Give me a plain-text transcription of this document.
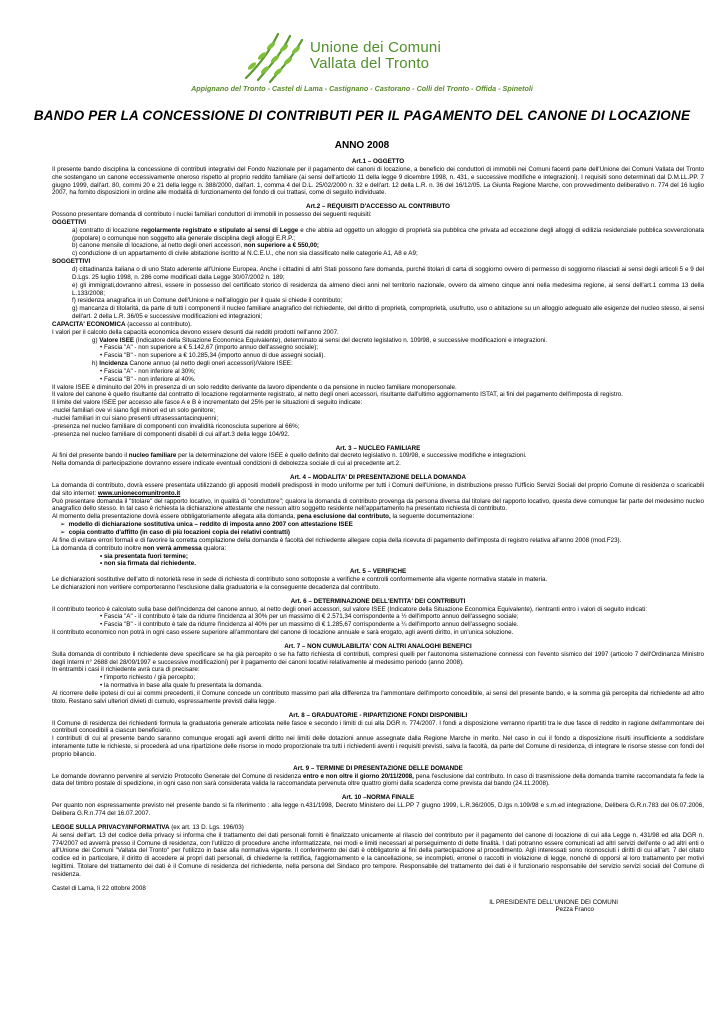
Unione dei Comuni
Vallata del Tronto
Appignano del Tronto - Castel di Lama - Castignano - Castorano - Colli del Tronto - Offida - Spinetoli
BANDO PER LA CONCESSIONE DI CONTRIBUTI PER IL PAGAMENTO DEL CANONE DI LOCAZIONE
ANNO 2008

Art.1 – OGGETTO

Il presente bando disciplina la concessione di contributi integrativi del Fondo Nazionale per il pagamento dei canoni di locazione, a beneficio dei conduttori di immobili nei Comuni facenti parte dell'Unione dei Comuni Vallata del Tronto che sostengano un canone eccessivamente oneroso rispetto al proprio reddito familiare (ai sensi dell'articolo 11 della legge 9 dicembre 1998, n. 431, e successive modifiche e integrazioni). I requisiti sono determinati dal D.M.LL.PP. 7 giugno 1999, dall'art. 80, commi 20 e 21 della legge n. 388/2000, dall'art. 1, comma 4 del D.L. 25/02/2000 n. 32 e dell'art. 12 della L.R. n. 36 del 16/12/05. La Giunta Regione Marche, con provvedimento deliberativo n. 774 del 16 luglio 2007, ha fornito disposizioni in ordine alle modalità di funzionamento del fondo di cui trattasi, come di seguito individuate.

Art.2 – REQUISITI D'ACCESSO AL CONTRIBUTO

Possono presentare domanda di contributo i nuclei familiari conduttori di immobili in possesso dei seguenti requisiti:

OGGETTIVI

a) contratto di locazione regolarmente registrato e stipulato ai sensi di Legge e che abbia ad oggetto un alloggio di proprietà sia pubblica che privata ad eccezione degli alloggi di edilizia residenziale pubblica sovvenzionata (popolare) o comunque non soggetto alla generale disciplina degli alloggi E.R.P.;

b) canone mensile di locazione, al netto degli oneri accessori, non superiore a € 550,00;

c) conduzione di un appartamento di civile abitazione iscritto al N.C.E.U., che non sia classificato nelle categorie A1, A8 e A9;

SOGGETTIVI

d) cittadinanza italiana o di uno Stato aderente all'Unione Europea. Anche i cittadini di altri Stati possono fare domanda, purché titolari di carta di soggiorno ovvero di permesso di soggiorno rilasciati ai sensi degli articoli 5 e 9 del D.Lgs. 25 luglio 1998, n. 286 come modificati dalla Legge 30/07/2002 n. 189;

e) gli immigrati,dovranno altresì, essere in possesso del certificato storico di residenza da almeno dieci anni nel territorio nazionale, ovvero da almeno cinque anni nella medesima regione, ai sensi dell'art.1 comma 13 della L.133/2008;

f) residenza anagrafica in un Comune dell'Unione e nell'alloggio per il quale si chiede il contributo;

g) mancanza di titolarità, da parte di tutti i componenti il nucleo familiare anagrafico del richiedente, del diritto di proprietà, comproprietà, usufrutto, uso o abitazione su un alloggio adeguato alle esigenze del nucleo stesso, ai sensi dell'art. 2 della L.R. 36/05 e successive modificazioni ed integrazioni;

CAPACITA' ECONOMICA (accesso al contributo).

I valori per il calcolo della capacità economica devono essere desunti dai redditi prodotti nell'anno 2007.

g) Valore ISEE (Indicatore della Situazione Economica Equivalente), determinato ai sensi del decreto legislativo n. 109/98, e successive modificazioni e integrazioni.

• Fascia "A" - non superiore a € 5.142,67 (importo annuo dell'assegno sociale);

• Fascia "B" - non superiore a € 10.285,34 (importo annuo di due assegni sociali).

h) Incidenza Canone annuo (al netto degli oneri accessori)/Valore ISEE:

• Fascia "A" - non inferiore al 30%;

• Fascia "B" - non inferiore al 40%.

Il valore ISEE è diminuito del 20% in presenza di un solo reddito derivante da lavoro dipendente o da pensione in nucleo familiare monopersonale.

Il valore del canone è quello risultante dal contratto di locazione regolarmente registrato, al netto degli oneri accessori, risultante dall'ultimo aggiornamento ISTAT, ai fini del pagamento dell'imposta di registro.

Il limite del valore ISEE per accesso alle fasce A e B è incrementato del 25% per le situazioni di seguito indicate:

-nuclei familiari ove vi siano figli minori ed un solo genitore;

-nuclei familiari in cui siano presenti ultrasessantacinquenni;

-presenza nel nucleo familiare di componenti con invalidità riconosciuta superiore al 66%;

-presenza nel nucleo familiare di componenti disabili di cui all'art.3 della legge 104/92.

Art. 3 – NUCLEO FAMILIARE

Ai fini del presente bando il nucleo familiare per la determinazione del valore ISEE è quello definito dal decreto legislativo n. 109/98, e successive modifiche e integrazioni.

Nella domanda di partecipazione dovranno essere indicate eventuali condizioni di debolezza sociale di cui al precedente art.2.

Art. 4 – MODALITA' DI PRESENTAZIONE DELLA DOMANDA

La domanda di contributo, dovrà essere presentata utilizzando gli appositi modelli predisposti in modo uniforme per tutti i Comuni dell'Unione, in distribuzione presso l'Ufficio Servizi Sociali del proprio Comune di residenza o scaricabili dal sito internet: www.unionecomunitronto.it

Può presentare domanda il "titolare" del rapporto locativo, in qualità di "conduttore"; qualora la domanda di contributo provenga da persona diversa dal titolare del rapporto locativo, questa deve comunque far parte del medesimo nucleo anagrafico dello stesso. In tal caso è richiesta la dichiarazione attestante che nessun altro soggetto residente nell'appartamento ha presentato richiesta di contributo.

Al momento della presentazione dovrà essere obbligatoriamente allegata alla domanda, pena esclusione dal contributo, la seguente documentazione:

➢  modello di dichiarazione sostitutiva unica – reddito di imposta anno 2007 con attestazione ISEE

➢  copia contratto d'affitto (in caso di più locazioni copia dei relativi contratti)

Al fine di evitare errori formali e di favorire la corretta compilazione della domanda è facoltà del richiedente allegare copia della ricevuta di pagamento dell'imposta di registro relativa all'anno 2008 (mod.F23).

La domanda di contributo inoltre non verrà ammessa qualora:

• sia presentata fuori termine;

• non sia firmata dal richiedente.

Art. 5 – VERIFICHE

Le dichiarazioni sostitutive dell'atto di notorietà rese in sede di richiesta di contributo sono sottoposte a verifiche e controlli conformemente alla vigente normativa statale in materia.

Le dichiarazioni non veritiere comporteranno l'esclusione dalla graduatoria e la conseguente decadenza dal contributo.

Art. 6 – DETERMINAZIONE DELL'ENTITA' DEI CONTRIBUTI

Il contributo teorico è calcolato sulla base dell'incidenza del canone annuo, al netto degli oneri accessori, sul valore ISEE (Indicatore della Situazione Economica Equivalente), rientranti entro i valori di seguito indicati:

• Fascia "A" - il contributo è tale da ridurre l'incidenza al 30% per un massimo di € 2.571,34 corrispondente a ½ dell'importo annuo dell'assegno sociale;

• Fascia "B" - il contributo è tale da ridurre l'incidenza al 40% per un massimo di € 1.285,67 corrispondente a ¼ dell'importo annuo dell'assegno sociale.

Il contributo economico non potrà in ogni caso essere superiore all'ammontare del canone di locazione annuale e sarà erogato, agli aventi diritto, in un'unica soluzione.

Art. 7 – NON CUMULABILITA' CON ALTRI ANALOGHI BENEFICI

Sulla domanda di contributo il richiedente deve specificare se ha già percepito o se ha fatto richiesta di contributi, compresi quelli per l'autonoma sistemazione connessi con l'evento sismico del 1997 (articolo 7 dell'Ordinanza Ministro degli Interni n° 2688 del 28/09/1997 e successive modificazioni) per il pagamento dei canoni locativi relativamente al medesimo periodo (anno 2008).

In entrambi i casi il richiedente avrà cura di precisare:

• l'importo richiesto / già percepito;

• la normativa in base alla quale fu presentata la domanda.

Al ricorrere delle ipotesi di cui ai commi precedenti, il Comune concede un contributo massimo pari alla differenza tra l'ammontare dell'importo concedibile, ai sensi del presente bando, e la somma già percepita dal richiedente ad altro titolo. Restano salvi ulteriori divieti di cumulo, espressamente previsti dalla legge.

Art. 8 – GRADUATORIE - RIPARTIZIONE FONDI DISPONIBILI

Il Comune di residenza dei richiedenti formula la graduatoria generale articolata nelle fasce e secondo i limiti di cui alla DGR n. 774/2007. I fondi a disposizione verranno ripartiti tra le due fasce di reddito in ragione dell'ammontare dei contributi concedibili a ciascun beneficiario.

I contributi di cui al presente bando saranno comunque erogati agli aventi diritto nei limiti delle dotazioni annue assegnate dalla Regione Marche in merito. Nel caso in cui il fondo a disposizione risulti insufficiente a soddisfare interamente tutte le richieste, si procederà ad una ripartizione delle risorse in modo proporzionale tra tutti i richiedenti aventi i requisiti previsti, salva la facoltà, da parte del Comune di residenza, di integrare le risorse stesse con fondi del proprio bilancio.

Art. 9 – TERMINE DI PRESENTAZIONE DELLE DOMANDE

Le domande dovranno pervenire al servizio Protocollo Generale del Comune di residenza entro e non oltre il giorno 20/11/2008, pena l'esclusione dal contributo. In caso di trasmissione della domanda tramite raccomandata fa fede la data del timbro postale di spedizione, in ogni caso non sarà considerata valida la raccomandata pervenuta oltre quattro giorni dalla scadenza come prevista dal bando (24.11.2008).

Art. 10 –NORMA FINALE

Per quanto non espressamente previsto nel presente bando si fa riferimento : alla legge n.431/1998, Decreto Ministero dei LL.PP 7 giugno 1999, L.R.36/2005, D.lgs n.109/98 e s.m.ed integrazione, Delibera G.R.n.783 del 06.07.2006, Delibera G.R.n.774 del 16.07.2007.

LEGGE SULLA PRIVACY/INFORMATIVA (ex art. 13 D. Lgs. 196/03)

Ai sensi dell'art. 13 del codice della privacy si informa che il trattamento dei dati personali forniti è finalizzato unicamente al rilascio del contributo per il pagamento del canone di locazione di cui alla Legge n. 431/98 ed alla DGR n. 774/2007 ed avverrà presso il Comune di residenza, con l'utilizzo di procedure anche informatizzate, nei modi e limiti necessari al perseguimento di dette finalità. I dati potranno essere comunicati ad altri servizi dell'ente o ad altri enti o all'Unione dei Comuni "Vallata del Tronto" per l'utilizzo in base alla normativa vigente. Il conferimento dei dati è obbligatorio ai fini della partecipazione al procedimento. Agli interessati sono riconosciuti i diritti di cui all'art. 7 del citato codice ed in particolare, il diritto di accedere ai propri dati personali, di chiederne la rettifica, l'aggiornamento e la cancellazione, se incompleti, erronei o raccolti in violazione di legge, nonché di opporsi al loro trattamento per motivi legittimi. Titolare del trattamento dei dati è il Comune di residenza del richiedente, nella persona del Sindaco pro tempore. Responsabile del trattamento dei dati è il funzionario responsabile del servizio servizi sociali del Comune di residenza.

Castel di Lama, lì 22 ottobre 2008

IL PRESIDENTE DELL'UNIONE DEI COMUNI

Pezza Franco
